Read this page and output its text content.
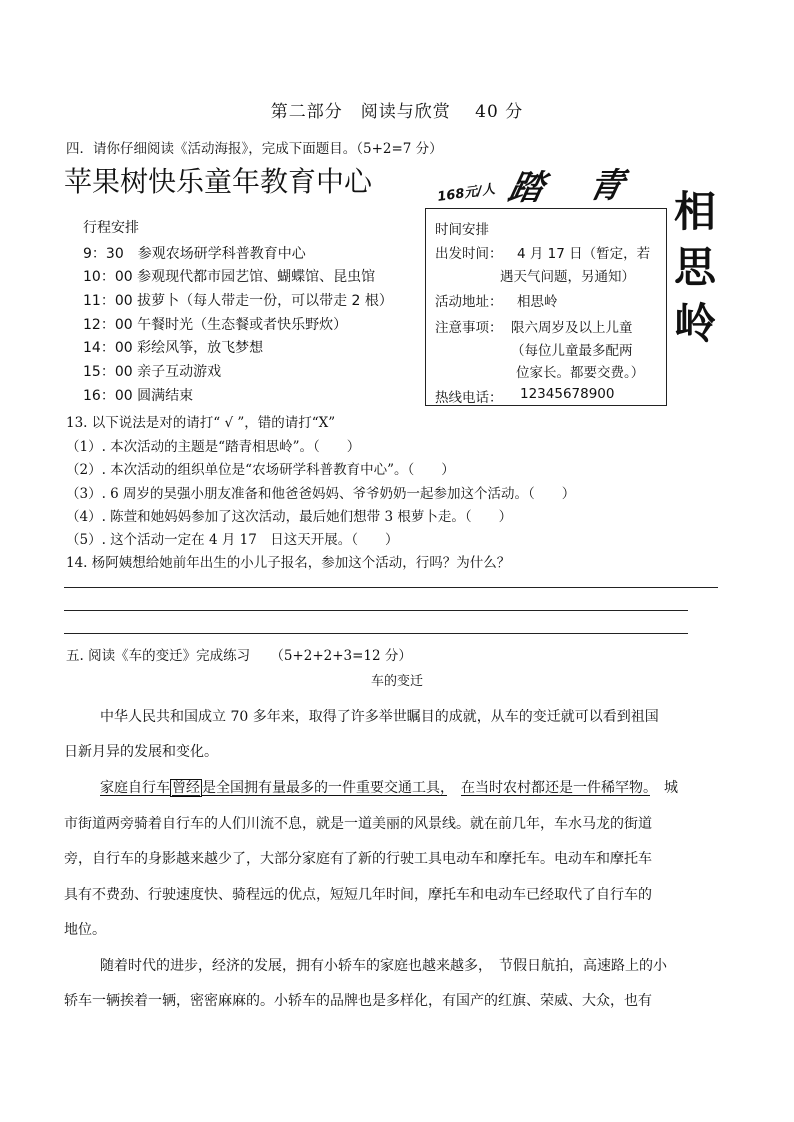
第二部分　阅读与欣赏　 40 分
四．请你仔细阅读《活动海报》，完成下面题目。（5+2=7 分）
苹果树快乐童年教育中心	168元/人 踏 青
相
思
岭
行程安排
9：30　参观农场研学科普教育中心
10：00 参观现代都市园艺馆、蝴蝶馆、昆虫馆
11：00 拔萝卜（每人带走一份，可以带走 2 根）
12：00 午餐时光（生态餐或者快乐野炊）
14：00 彩绘风筝，放飞梦想
15：00 亲子互动游戏
16：00 圆满结束
时间安排
出发时间： 4 月 17 日（暂定，若
遇天气问题，另通知）
活动地址： 相思岭
注意事项： 限六周岁及以上儿童
（每位儿童最多配两
位家长。都要交费。）
热线电话： 12345678900
13. 以下说法是对的请打“ √ ”，错的请打“X”
（1）. 本次活动的主题是“踏青相思岭”。（　　）
（2）. 本次活动的组织单位是“农场研学科普教育中心”。（　　）
（3）. 6 周岁的昊强小朋友准备和他爸爸妈妈、爷爷奶奶一起参加这个活动。（　　）
（4）. 陈萱和她妈妈参加了这次活动，最后她们想带 3 根萝卜走。（　　）
（5）. 这个活动一定在 4 月 17　日这天开展。（　　）
14. 杨阿姨想给她前年出生的小儿子报名，参加这个活动，行吗？为什么？
五. 阅读《车的变迁》完成练习　　（5+2+2+3=12 分）
车的变迁
中华人民共和国成立 70 多年来，取得了许多举世瞩目的成就，从车的变迁就可以看到祖国
日新月异的发展和变化。
家庭自行车 曾经 是全国拥有量最多的一件重要交通工具，　 在当时农村都还是一件稀罕物。　城
市街道两旁骑着自行车的人们川流不息，就是一道美丽的风景线。就在前几年，车水马龙的街道
旁，自行车的身影越来越少了，大部分家庭有了新的行驶工具电动车和摩托车。电动车和摩托车
具有不费劲、行驶速度快、骑程远的优点，短短几年时间，摩托车和电动车已经取代了自行车的
地位。
随着时代的进步，经济的发展，拥有小轿车的家庭也越来越多，　节假日航拍，高速路上的小
轿车一辆挨着一辆，密密麻麻的。小轿车的品牌也是多样化，有国产的红旗、荣威、大众，也有
